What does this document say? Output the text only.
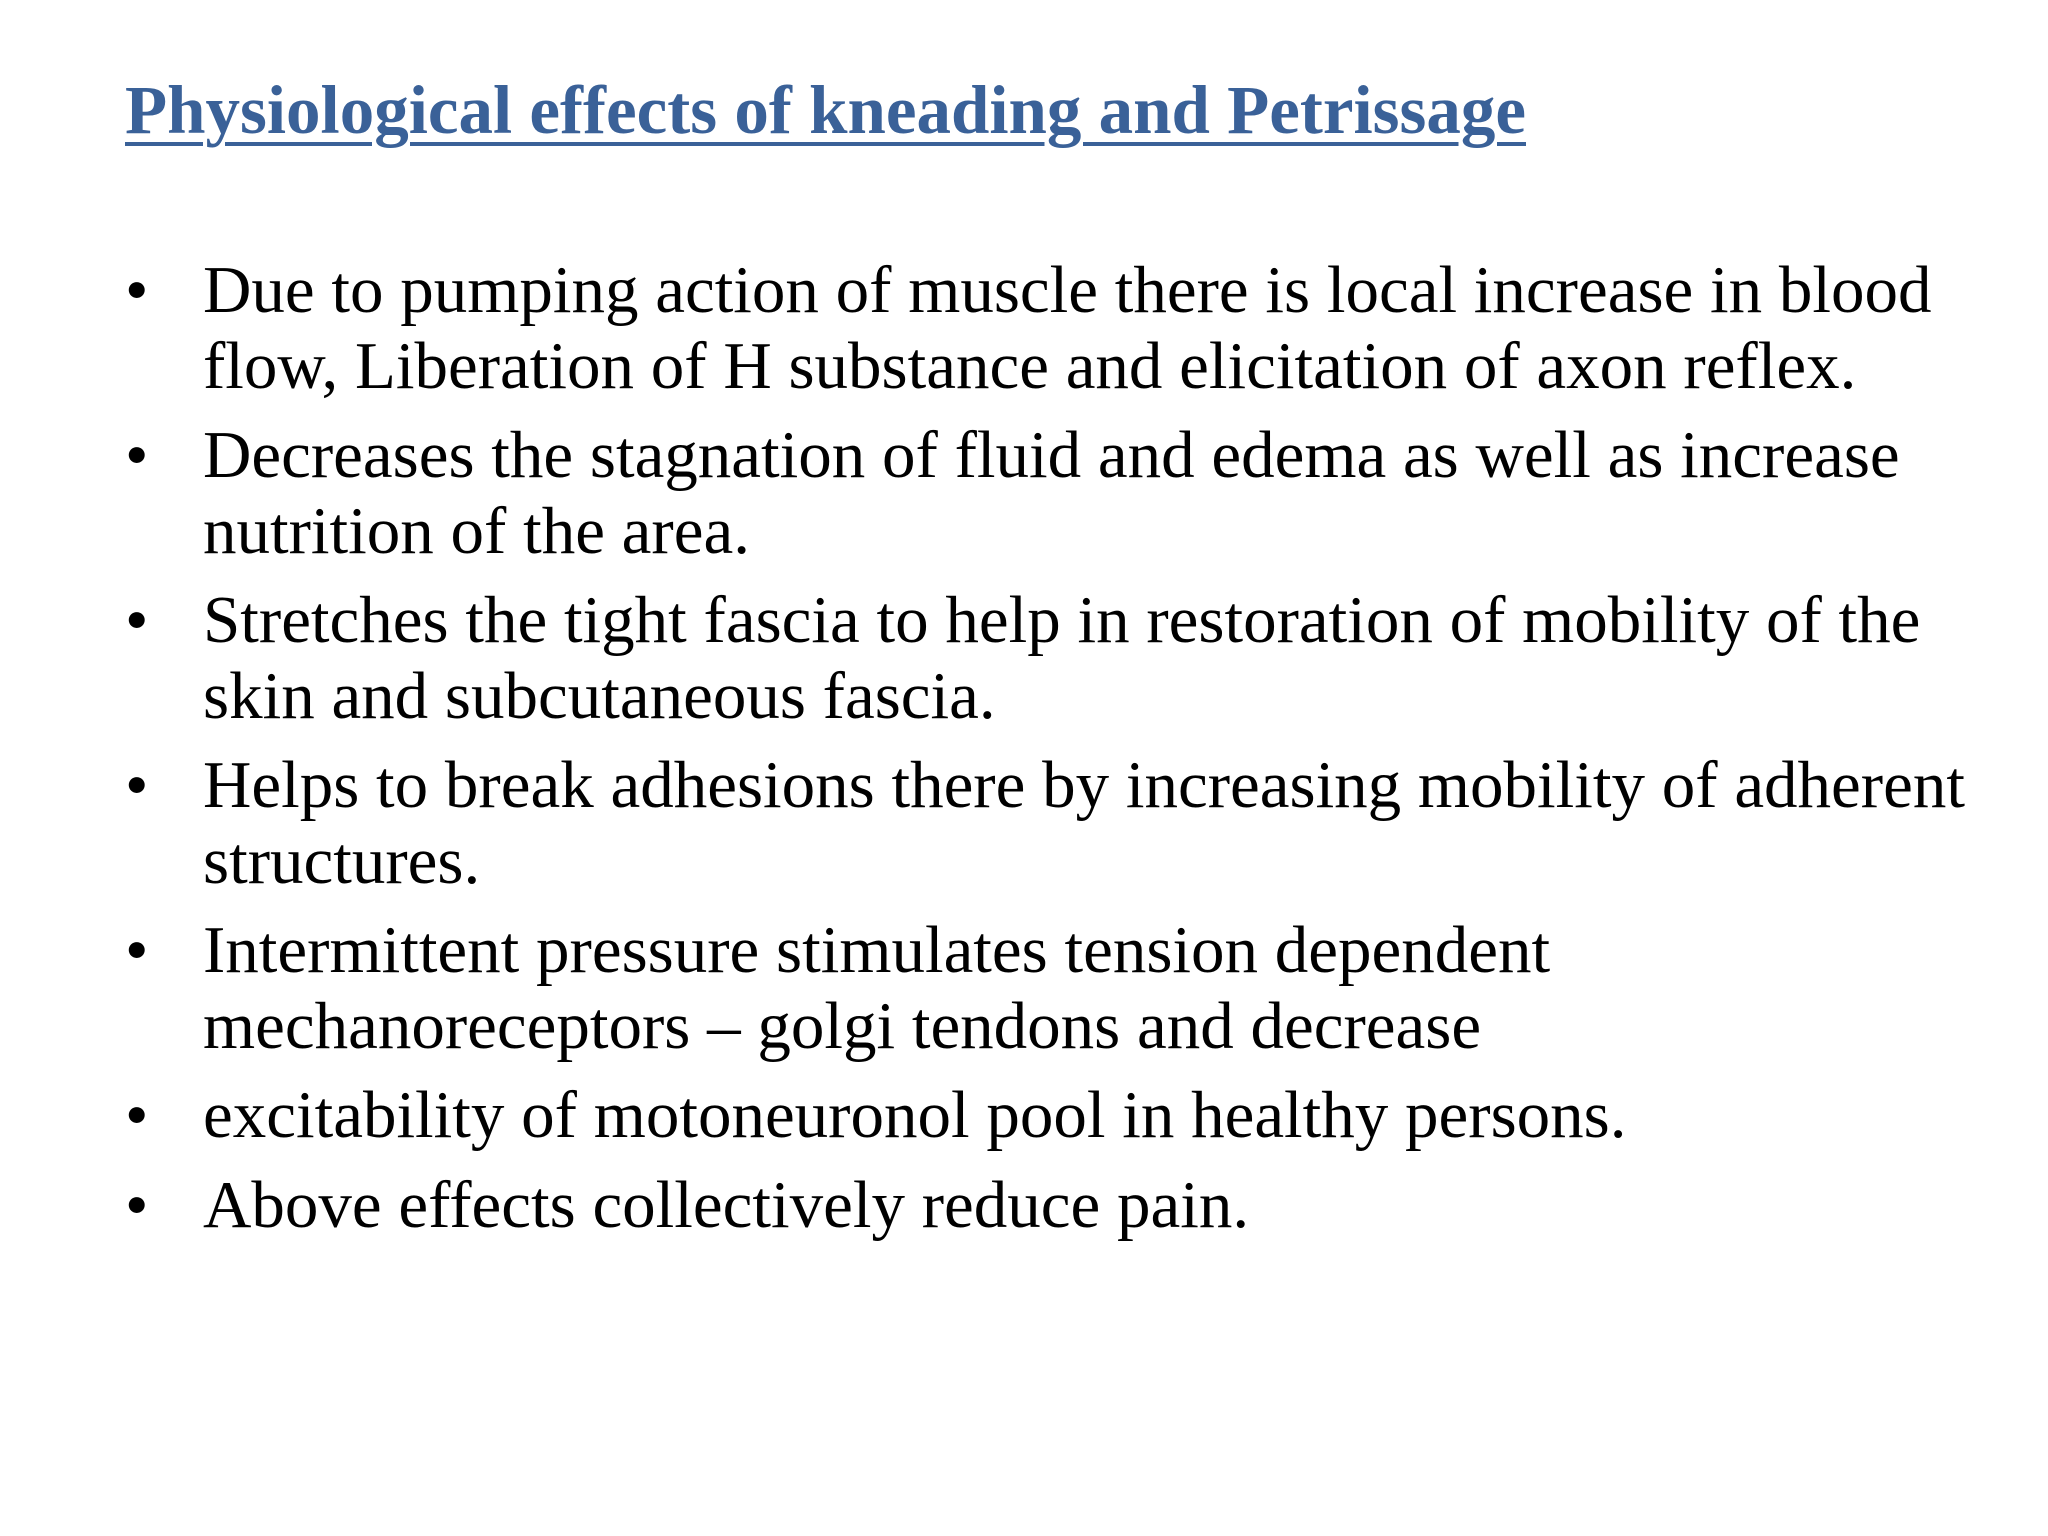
Physiological effects of kneading and Petrissage
• Due to pumping action of muscle there is local increase in blood flow, Liberation of H substance and elicitation of axon reflex.
• Decreases the stagnation of fluid and edema as well as increase nutrition of the area.
• Stretches the tight fascia to help in restoration of mobility of the skin and subcutaneous fascia.
• Helps to break adhesions there by increasing mobility of adherent structures.
• Intermittent pressure stimulates tension dependent mechanoreceptors – golgi tendons and decrease
• excitability of motoneuronol pool in healthy persons.
• Above effects collectively reduce pain.
